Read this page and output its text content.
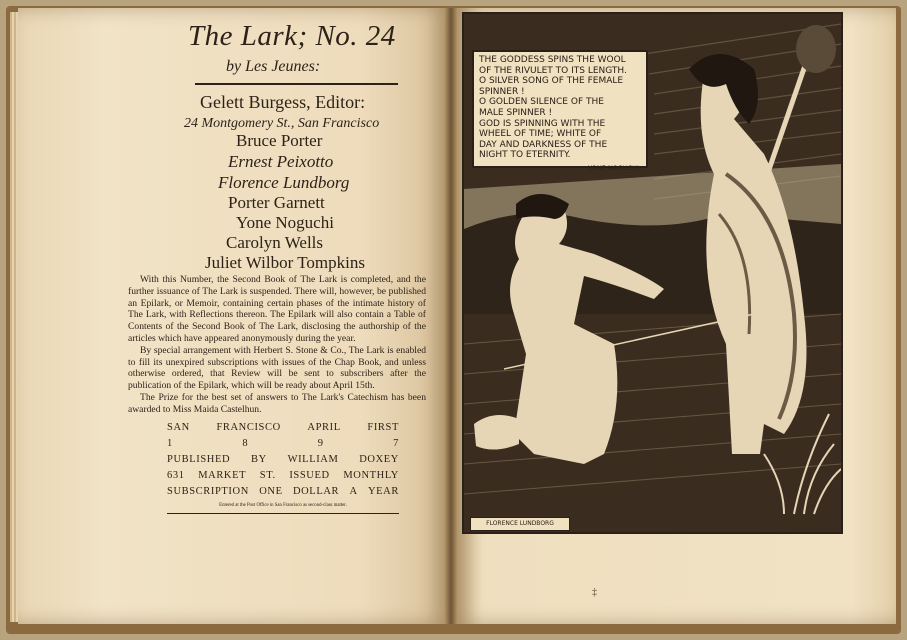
The Lark; No. 24
by Les Jeunes:
Gelett Burgess, Editor:
24 Montgomery St., San Francisco
Bruce Porter
Ernest Peixotto
Florence Lundborg
Porter Garnett
Yone Noguchi
Carolyn Wells
Juliet Wilbor Tompkins

With this Number, the Second Book of The Lark is completed, and the further issuance of The Lark is suspended. There will, however, be published an Epilark, or Memoir, containing certain phases of the intimate history of The Lark, with Reflections thereon. The Epilark will also contain a Table of Contents of the Second Book of The Lark, disclosing the authorship of the articles which have appeared anonymously during the year.

By special arrangement with Herbert S. Stone & Co., The Lark is enabled to fill its unexpired subscriptions with issues of the Chap Book, and unless otherwise ordered, that Review will be sent to subscribers after the publication of the Epilark, which will be ready about April 15th.

The Prize for the best set of answers to The Lark's Catechism has been awarded to Miss Maida Castelhun.

SAN	FRANCISCO	APRIL	FIRST
1	8	9	7
PUBLISHED BY WILLIAM DOXEY
631 MARKET ST. ISSUED MONTHLY
SUBSCRIPTION ONE DOLLAR A YEAR
Entered at the Post Office in San Francisco as second-class matter.
THE GODDESS SPINS THE WOOL
OF THE RIVULET TO ITS LENGTH.
O SILVER SONG OF THE FEMALE
SPINNER !
O GOLDEN SILENCE OF THE
MALE SPINNER !
GOD IS SPINNING WITH THE
WHEEL OF TIME; WHITE OF
DAY AND DARKNESS OF THE
NIGHT TO ETERNITY.
YONE NOGUCHI.
FLORENCE LUNDBORG
‡
